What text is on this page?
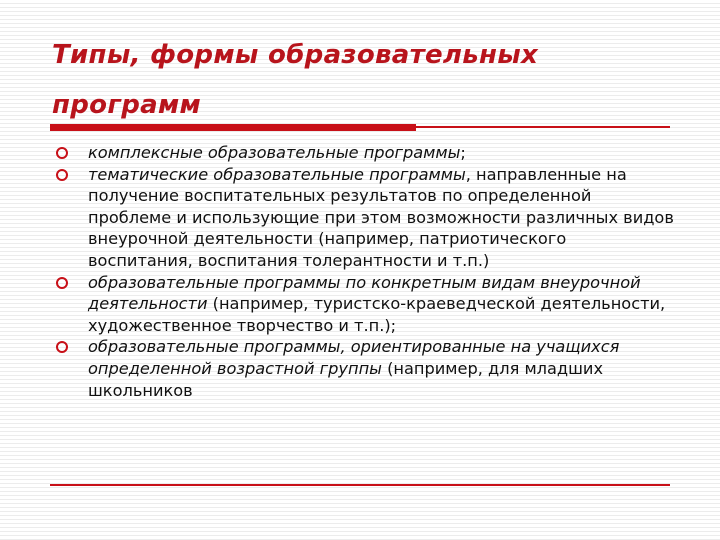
Типы, формы образовательных
программ
комплексные образовательные программы;
тематические образовательные программы, направленные на получение воспитательных результатов по определенной проблеме и использующие при этом возможности различных видов внеурочной деятельности (например, патриотического воспитания, воспитания толерантности и т.п.)
образовательные программы по конкретным видам внеурочной деятельности (например, туристско-краеведческой деятельности, художественное творчество и т.п.);
образовательные программы, ориентированные на учащихся определенной возрастной группы (например, для младших школьников
